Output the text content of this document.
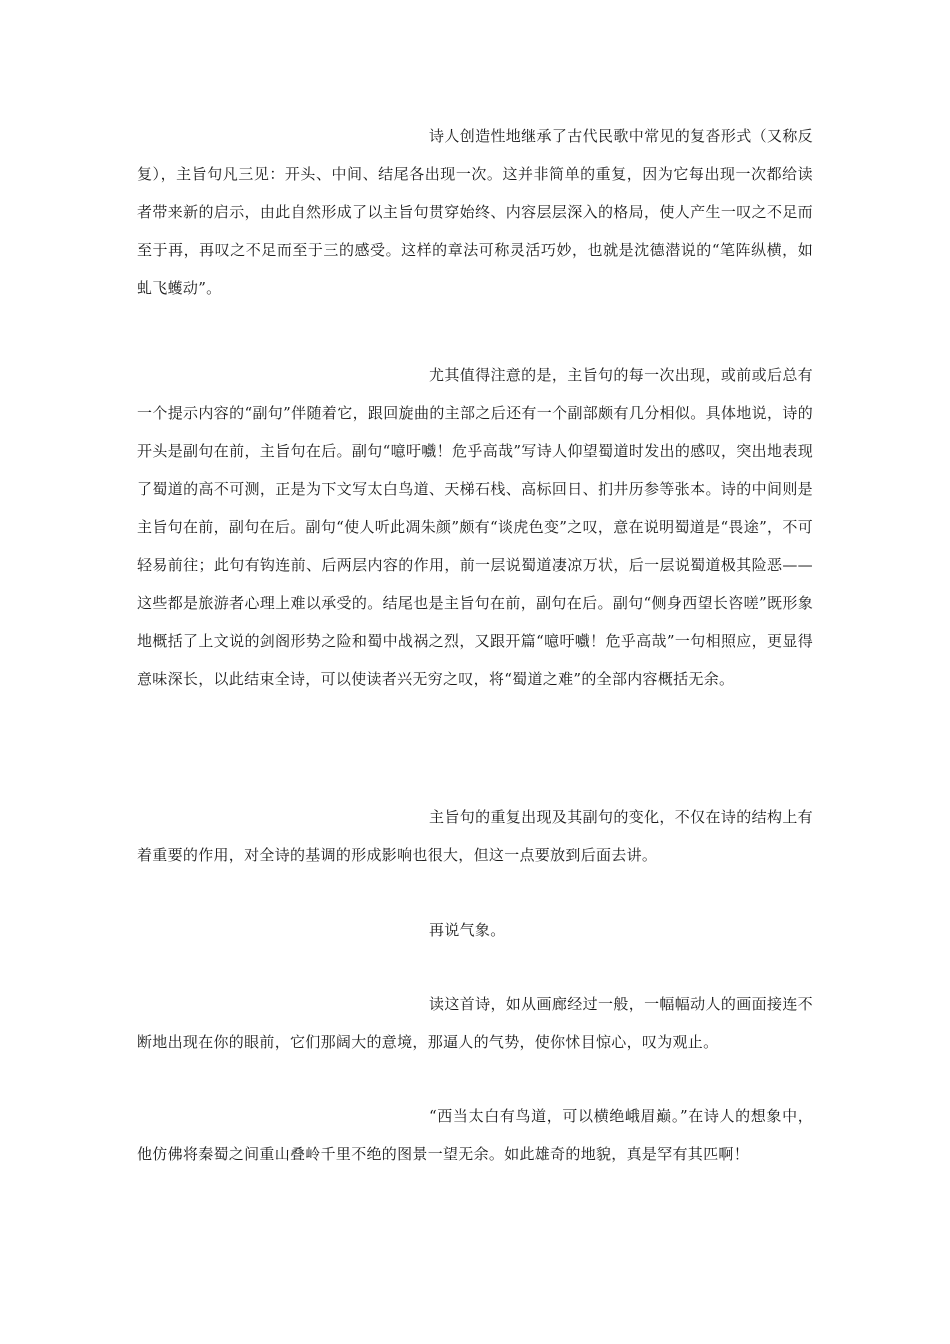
诗人创造性地继承了古代民歌中常见的复沓形式（又称反复），主旨句凡三见：开头、中间、结尾各出现一次。这并非简单的重复，因为它每出现一次都给读者带来新的启示，由此自然形成了以主旨句贯穿始终、内容层层深入的格局，使人产生一叹之不足而至于再，再叹之不足而至于三的感受。这样的章法可称灵活巧妙，也就是沈德潜说的“笔阵纵横，如虬飞蠖动”。

尤其值得注意的是，主旨句的每一次出现，或前或后总有一个提示内容的“副句”伴随着它，跟回旋曲的主部之后还有一个副部颇有几分相似。具体地说，诗的开头是副句在前，主旨句在后。副句“噫吁嚱！危乎高哉”写诗人仰望蜀道时发出的感叹，突出地表现了蜀道的高不可测，正是为下文写太白鸟道、天梯石栈、高标回日、扪井历参等张本。诗的中间则是主旨句在前，副句在后。副句“使人听此凋朱颜”颇有“谈虎色变”之叹，意在说明蜀道是“畏途”，不可轻易前往；此句有钩连前、后两层内容的作用，前一层说蜀道凄凉万状，后一层说蜀道极其险恶——这些都是旅游者心理上难以承受的。结尾也是主旨句在前，副句在后。副句“侧身西望长咨嗟”既形象地概括了上文说的剑阁形势之险和蜀中战祸之烈，又跟开篇“噫吁嚱！危乎高哉”一句相照应，更显得意味深长，以此结束全诗，可以使读者兴无穷之叹，将“蜀道之难”的全部内容概括无余。

主旨句的重复出现及其副句的变化，不仅在诗的结构上有着重要的作用，对全诗的基调的形成影响也很大，但这一点要放到后面去讲。

再说气象。

读这首诗，如从画廊经过一般，一幅幅动人的画面接连不断地出现在你的眼前，它们那阔大的意境，那逼人的气势，使你怵目惊心，叹为观止。

“西当太白有鸟道，可以横绝峨眉巅。”在诗人的想象中，他仿佛将秦蜀之间重山叠岭千里不绝的图景一望无余。如此雄奇的地貌，真是罕有其匹啊！
